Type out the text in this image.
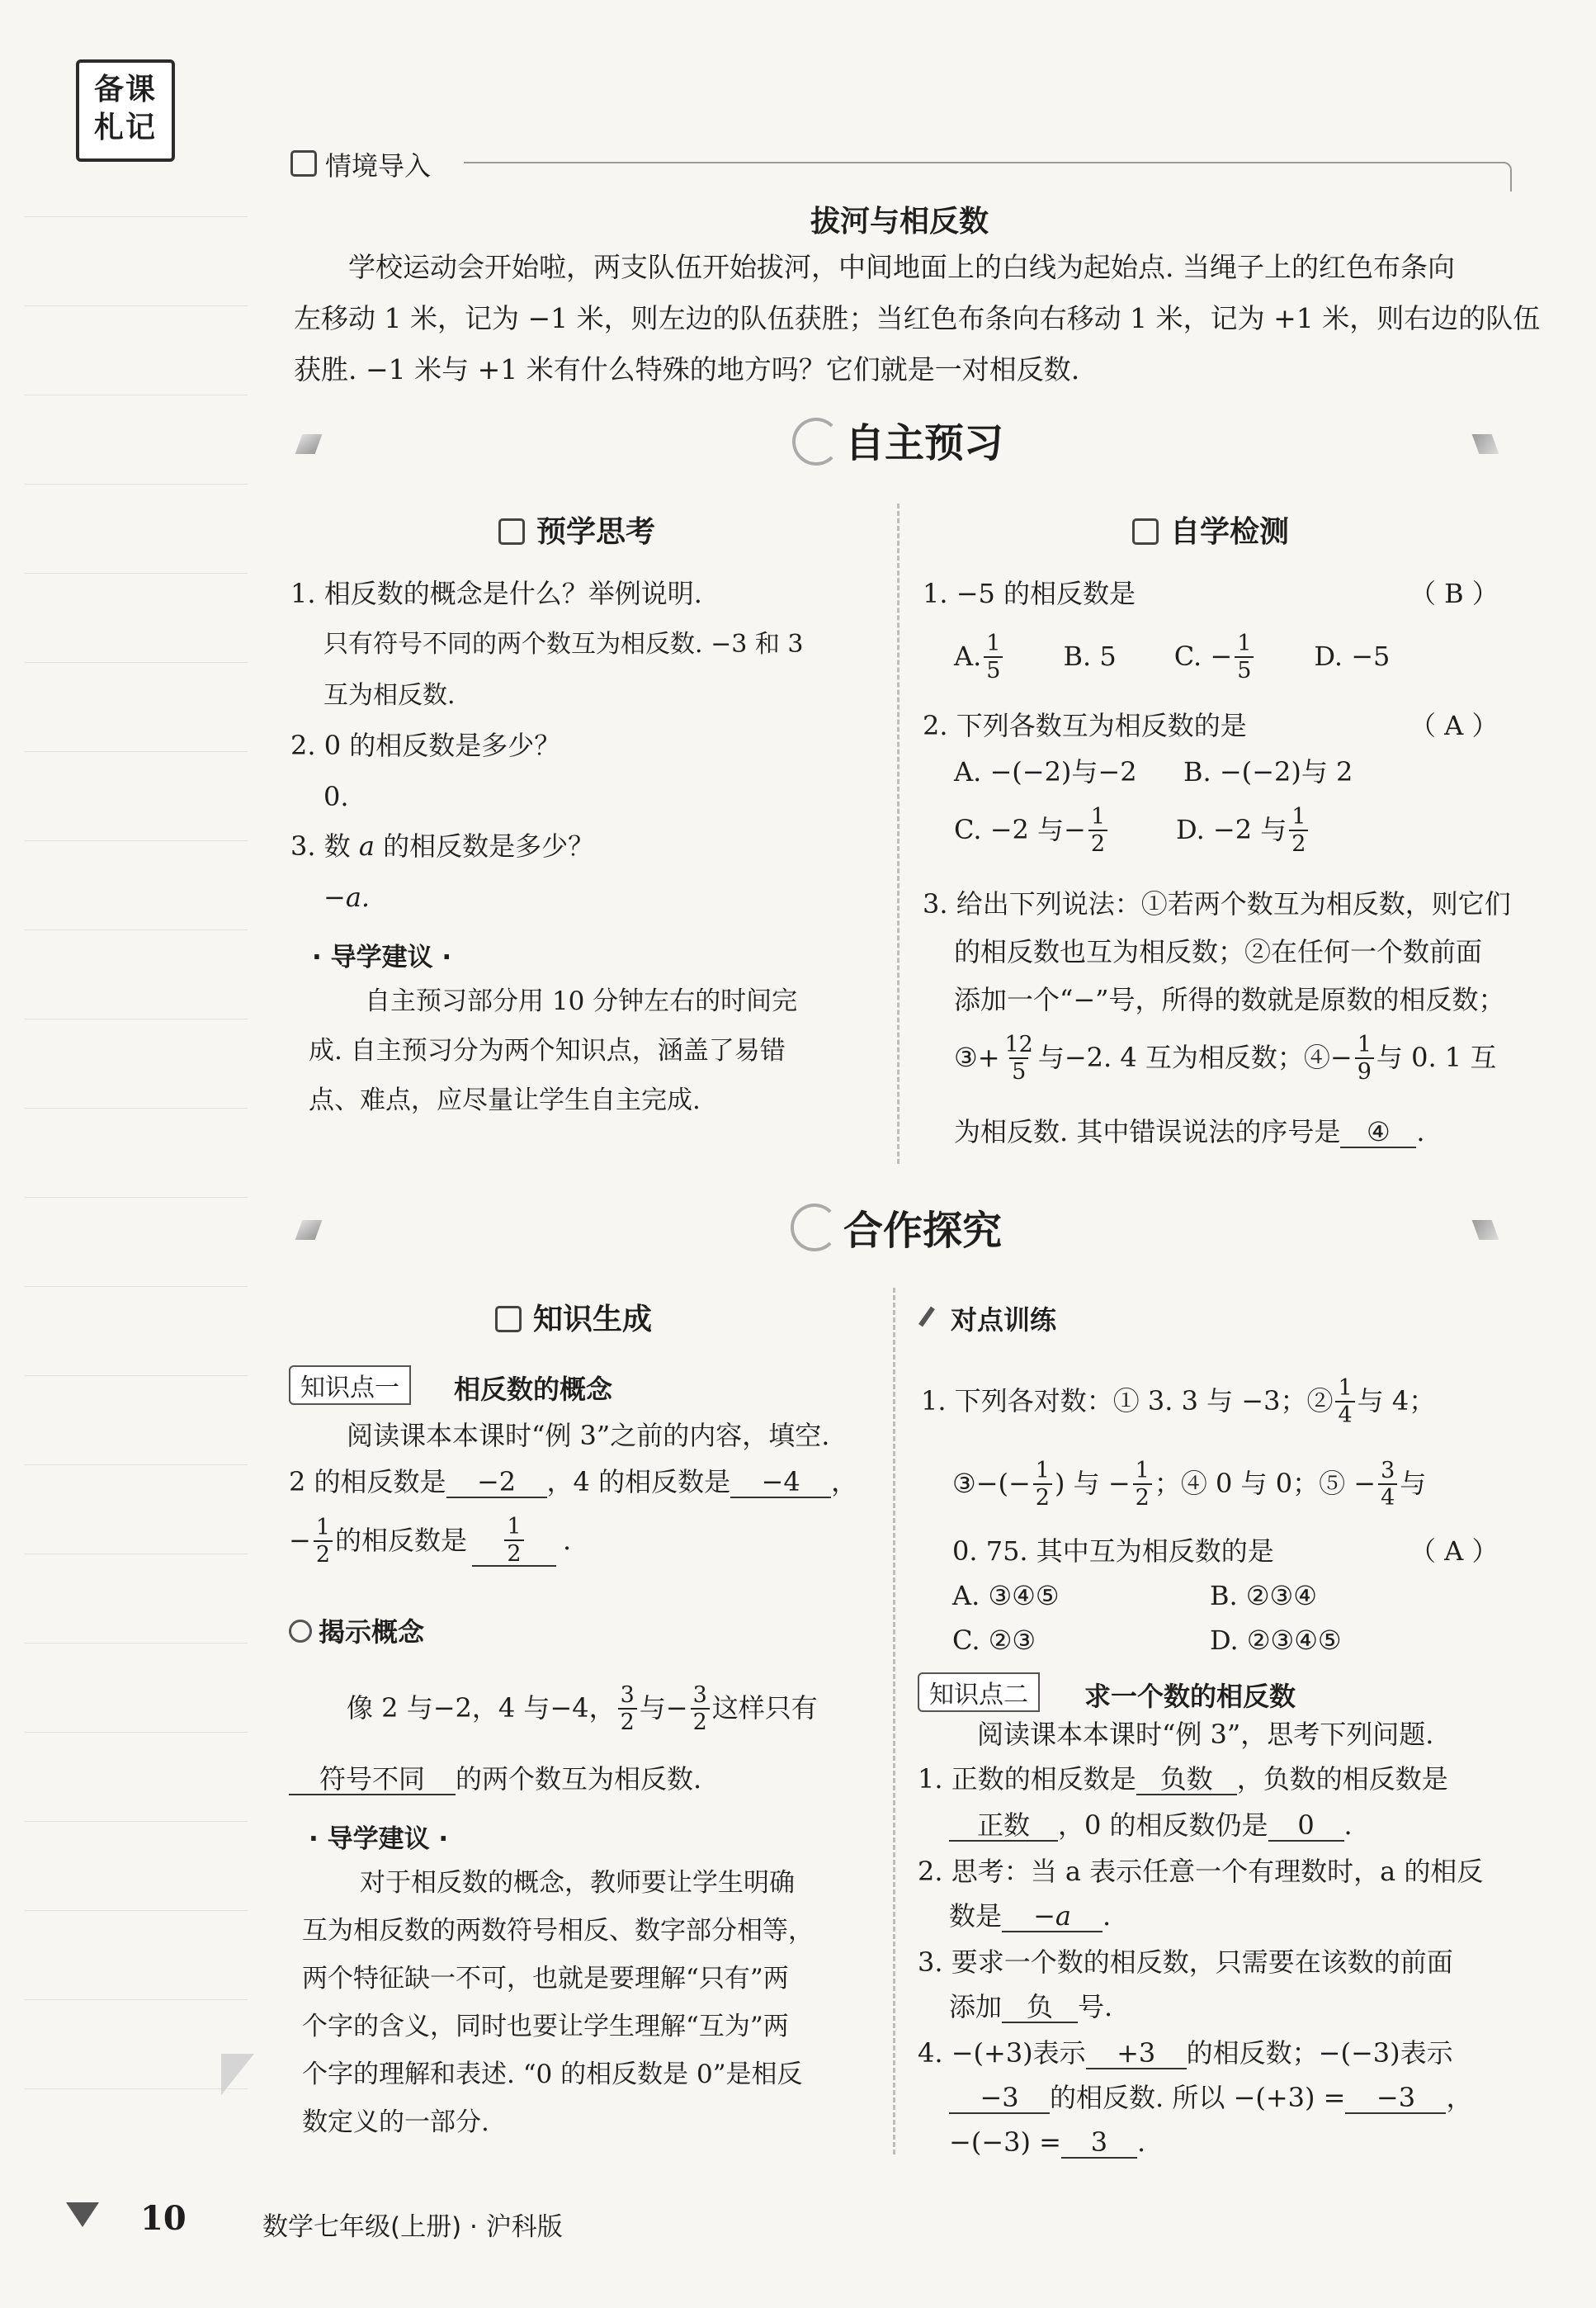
备课札记
情境导入
拔河与相反数
学校运动会开始啦，两支队伍开始拔河，中间地面上的白线为起始点. 当绳子上的红色布条向
左移动 1 米，记为 −1 米，则左边的队伍获胜；当红色布条向右移动 1 米，记为 +1 米，则右边的队伍
获胜. −1 米与 +1 米有什么特殊的地方吗？它们就是一对相反数.
自主预习
预学思考
1. 相反数的概念是什么？举例说明.
只有符号不同的两个数互为相反数. −3 和 3
互为相反数.
2. 0 的相反数是多少？
0.
3. 数 a 的相反数是多少？
−a.
· 导学建议 ·
自主预习部分用 10 分钟左右的时间完
成. 自主预习分为两个知识点，涵盖了易错
点、难点，应尽量让学生自主完成.
自学检测
1. −5 的相反数是	（ B ）
A. $\frac{1}{5} B$. 5 C. − $\frac{1}{5} D$. −5
2. 下列各数互为相反数的是	（ A ）
A. −(−2)与−2 B. −(−2)与 2
C. −2 与− $\frac{1}{2}$	D. −2 与 $\frac{1}{2}$
3. 给出下列说法：①若两个数互为相反数，则它们
的相反数也互为相反数；②在任何一个数前面
添加一个“−”号，所得的数就是原数的相反数；
③+ $\frac{12}{5}$ 与−2. 4 互为相反数；④− $\frac{1}{9}$ 与 0. 1 互
为相反数. 其中错误说法的序号是 ④ .
合作探究
知识生成
知识点一	相反数的概念
阅读课本本课时“例 3”之前的内容，填空.
2 的相反数是 −2 ，4 的相反数是 −4 ，
− $\frac{1}{2}$ 的相反数是 $\frac{1}{2}$ .
揭示概念
像 2 与−2，4 与−4， $\frac{3}{2}$ 与− $\frac{3}{2}$ 这样只有
符号不同 的两个数互为相反数.
· 导学建议 ·
对于相反数的概念，教师要让学生明确
互为相反数的两数符号相反、数字部分相等，
两个特征缺一不可，也就是要理解“只有”两
个字的含义，同时也要让学生理解“互为”两
个字的理解和表述. “0 的相反数是 0”是相反
数定义的一部分.
对点训练
1. 下列各对数：① 3. 3 与 −3；② $\frac{1}{4}$ 与 4；
③−(− $\frac{1}{2}$ ) 与 − $\frac{1}{2}$ ；④ 0 与 0；⑤ − $\frac{3}{4}$ 与
0. 75. 其中互为相反数的是	（ A ）
A. ③④⑤	B. ②③④
C. ②③	D. ②③④⑤
知识点二	求一个数的相反数
阅读课本本课时“例 3”，思考下列问题.
1. 正数的相反数是 负数 ，负数的相反数是
正数 ，0 的相反数仍是 0 .
2. 思考：当 a 表示任意一个有理数时，a 的相反
数是 −a .
3. 要求一个数的相反数，只需要在该数的前面
添加 负 号.
4. −(+3)表示 +3 的相反数；−(−3)表示
−3 的相反数. 所以 −(+3) = −3 ，
−(−3) = 3 .
10	数学七年级(上册) · 沪科版
